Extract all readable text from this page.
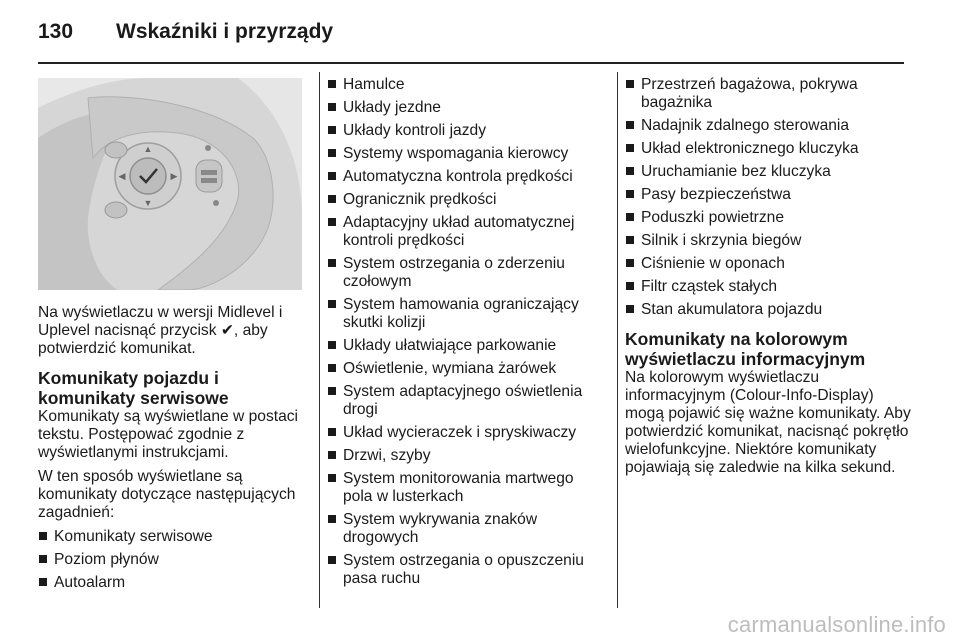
130	Wskaźniki i przyrządy
▲
▼
◀	▶

Na wyświetlaczu w wersji Midlevel i Uplevel nacisnąć przycisk ✔, aby potwierdzić komunikat.

Komunikaty pojazdu i komunikaty serwisowe

Komunikaty są wyświetlane w postaci tekstu. Postępować zgodnie z wyświetlanymi instrukcjami.

W ten sposób wyświetlane są komunikaty dotyczące następujących zagadnień:

Komunikaty serwisowe
Poziom płynów
Autoalarm
Hamulce
Układy jezdne
Układy kontroli jazdy
Systemy wspomagania kierowcy
Automatyczna kontrola prędkości
Ogranicznik prędkości
Adaptacyjny układ automatycznej kontroli prędkości
System ostrzegania o zderzeniu czołowym
System hamowania ograniczający skutki kolizji
Układy ułatwiające parkowanie
Oświetlenie, wymiana żarówek
System adaptacyjnego oświetlenia drogi
Układ wycieraczek i spryskiwaczy
Drzwi, szyby
System monitorowania martwego pola w lusterkach
System wykrywania znaków drogowych
System ostrzegania o opuszczeniu pasa ruchu
Przestrzeń bagażowa, pokrywa bagażnika
Nadajnik zdalnego sterowania
Układ elektronicznego kluczyka
Uruchamianie bez kluczyka
Pasy bezpieczeństwa
Poduszki powietrzne
Silnik i skrzynia biegów
Ciśnienie w oponach
Filtr cząstek stałych
Stan akumulatora pojazdu
Komunikaty na kolorowym wyświetlaczu informacyjnym

Na kolorowym wyświetlaczu informacyjnym (Colour-Info-Display) mogą pojawić się ważne komunikaty. Aby potwierdzić komunikat, nacisnąć pokrętło wielofunkcyjne. Niektóre komunikaty pojawiają się zaledwie na kilka sekund.

carmanualsonline.info
